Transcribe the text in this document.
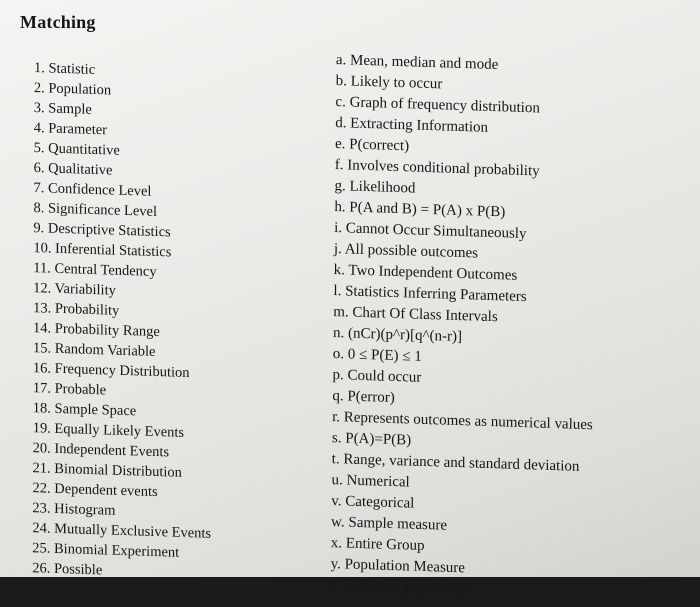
Matching
1. Statistic
2. Population
3. Sample
4. Parameter
5. Quantitative
6. Qualitative
7. Confidence Level
8. Significance Level
9. Descriptive Statistics
10. Inferential Statistics
11. Central Tendency
12. Variability
13. Probability
14. Probability Range
15. Random Variable
16. Frequency Distribution
17. Probable
18. Sample Space
19. Equally Likely Events
20. Independent Events
21. Binomial Distribution
22. Dependent events
23. Histogram
24. Mutually Exclusive Events
25. Binomial Experiment
26. Possible
a. Mean, median and mode
b. Likely to occur
c. Graph of frequency distribution
d. Extracting Information
e. P(correct)
f. Involves conditional probability
g. Likelihood
h. P(A and B) = P(A) x P(B)
i. Cannot Occur Simultaneously
j. All possible outcomes
k. Two Independent Outcomes
l. Statistics Inferring Parameters
m. Chart Of Class Intervals
n. (nCr)(p^r)[q^(n-r)]
o. 0 ≤ P(E) ≤ 1
p. Could occur
q. P(error)
r. Represents outcomes as numerical values
s. P(A)=P(B)
t. Range, variance and standard deviation
u. Numerical
v. Categorical
w. Sample measure
x. Entire Group
y. Population Measure
z. Subset of population
